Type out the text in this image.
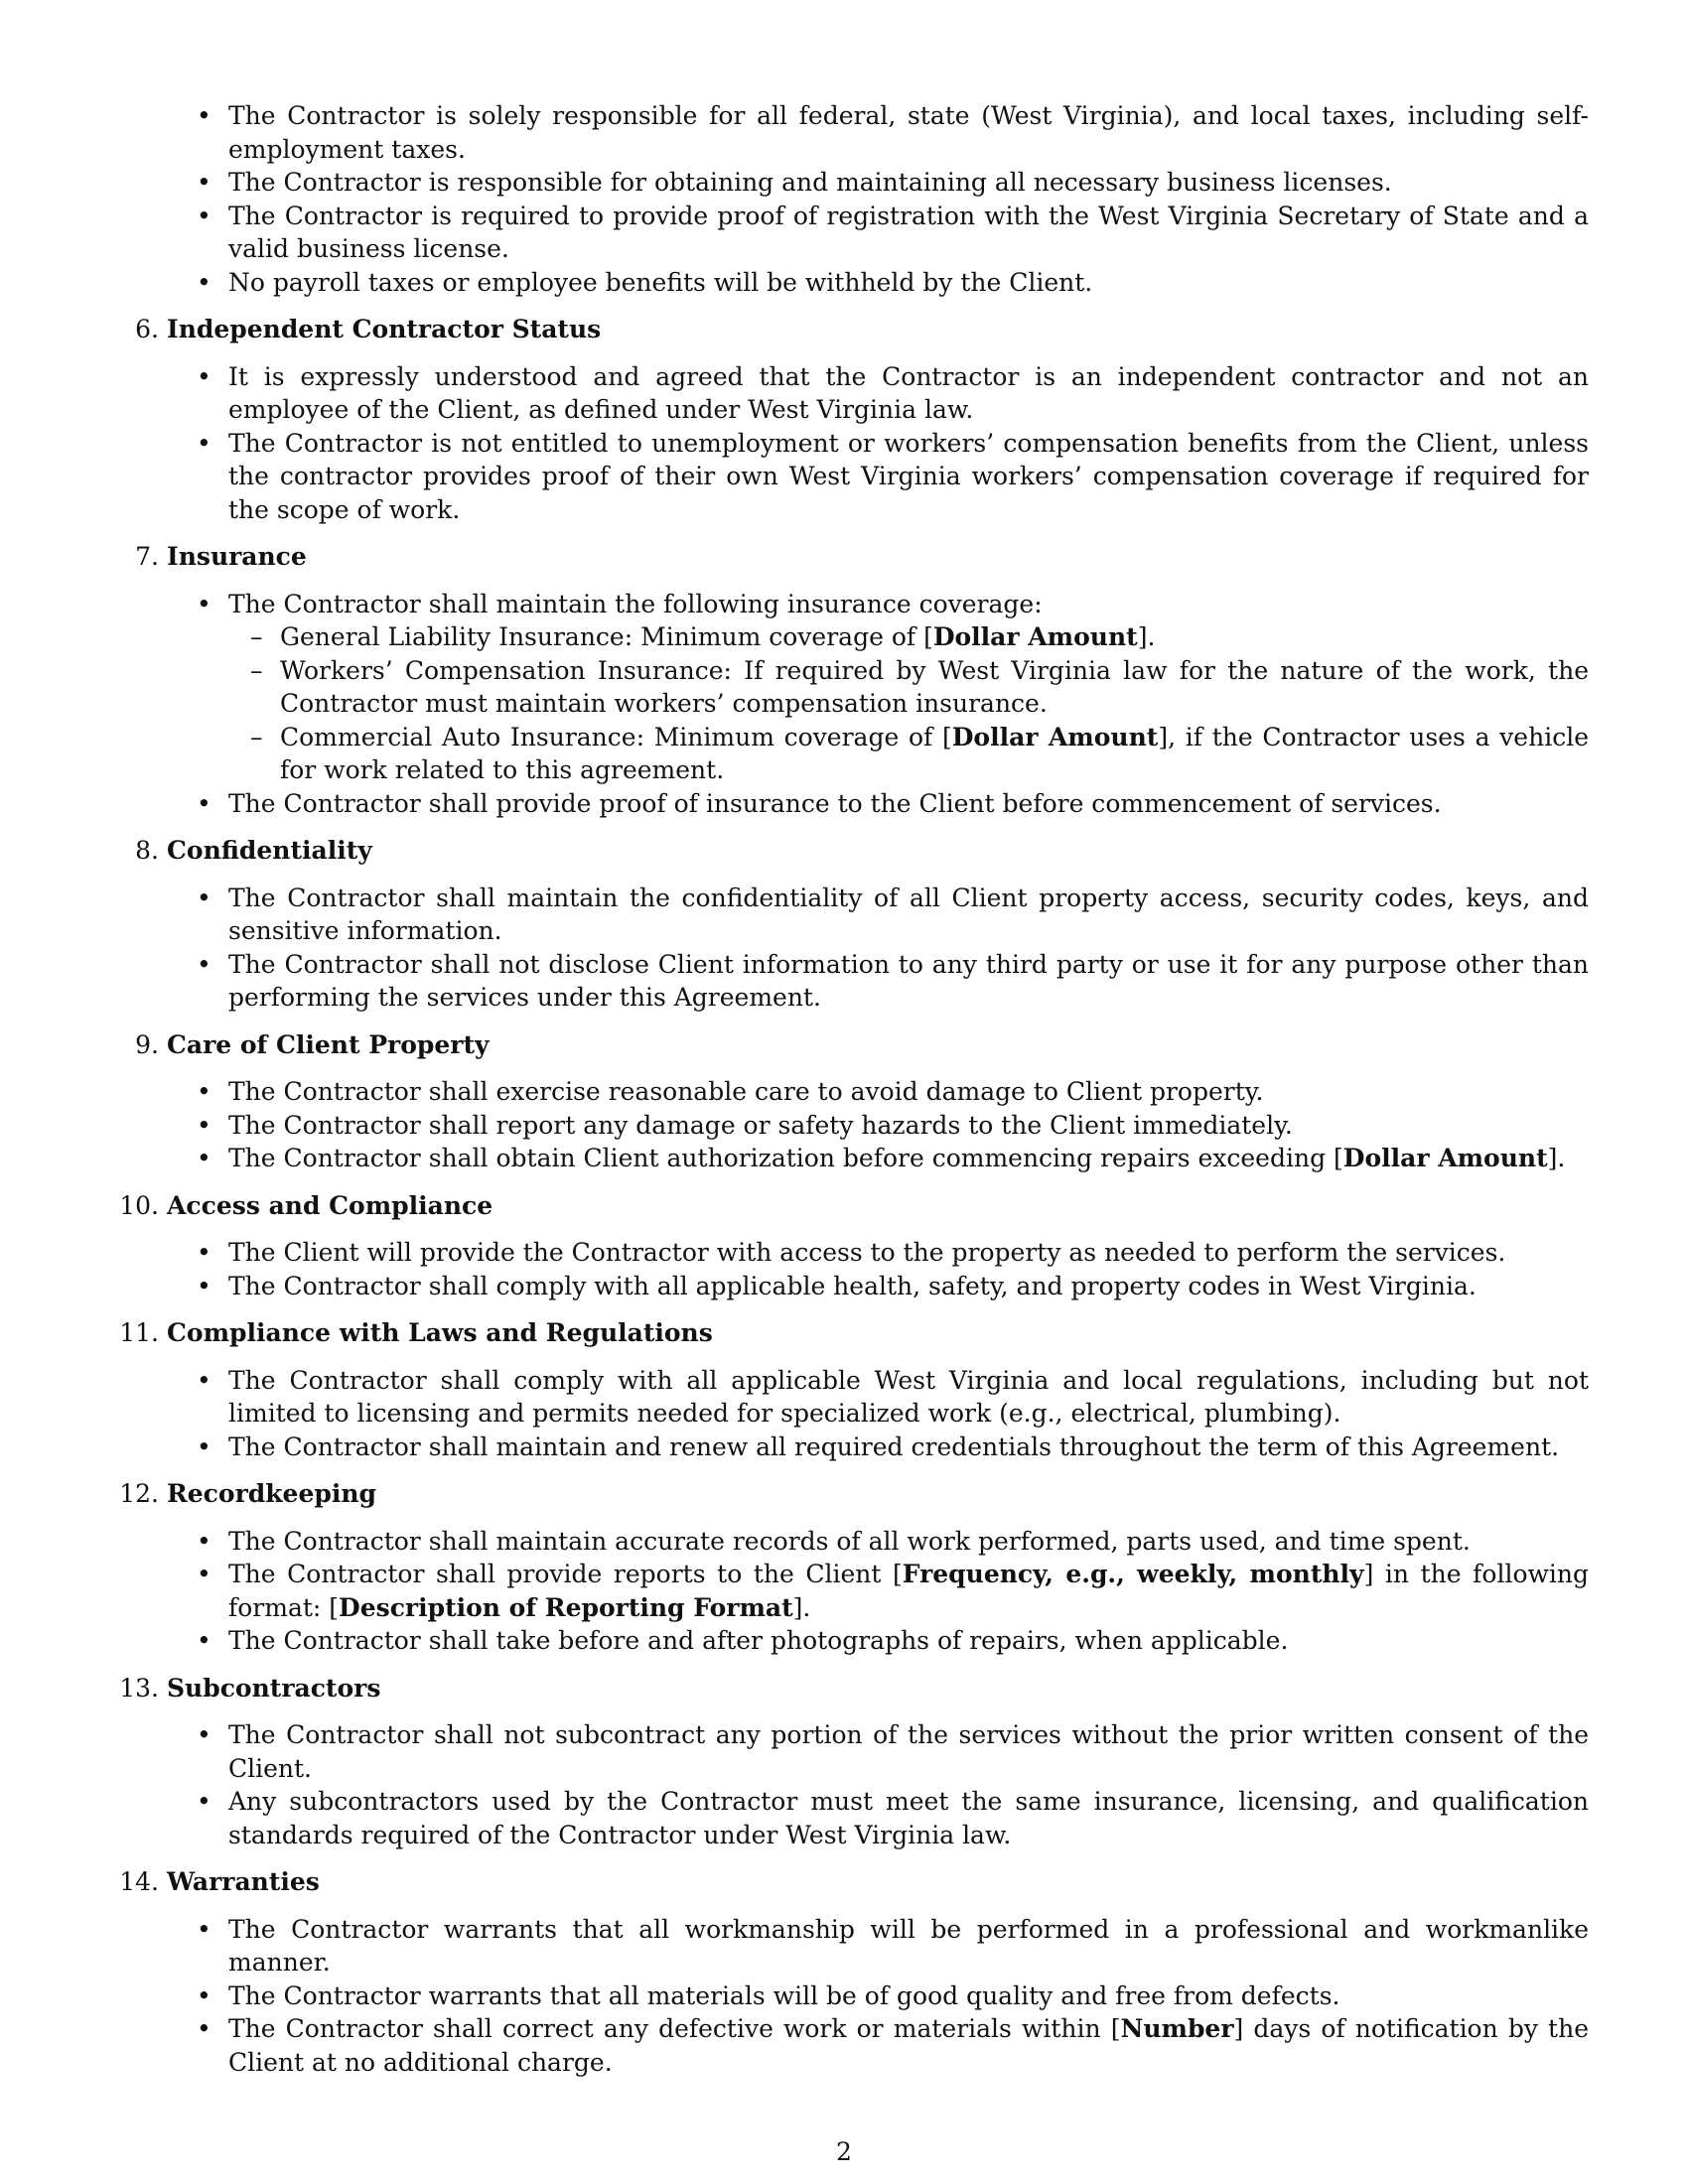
• The Contractor is solely responsible for all federal, state (West Virginia), and local taxes, including self-employment taxes.
• The Contractor is responsible for obtaining and maintaining all necessary business licenses.
• The Contractor is required to provide proof of registration with the West Virginia Secretary of State and a valid business license.
• No payroll taxes or employee benefits will be withheld by the Client.
6. Independent Contractor Status
• It is expressly understood and agreed that the Contractor is an independent contractor and not an employee of the Client, as defined under West Virginia law.
• The Contractor is not entitled to unemployment or workers’ compensation benefits from the Client, unless the contractor provides proof of their own West Virginia workers’ compensation coverage if required for the scope of work.
7. Insurance
• The Contractor shall maintain the following insurance coverage:
– General Liability Insurance: Minimum coverage of [Dollar Amount].
– Workers’ Compensation Insurance: If required by West Virginia law for the nature of the work, the Contractor must maintain workers’ compensation insurance.
– Commercial Auto Insurance: Minimum coverage of [Dollar Amount], if the Contractor uses a vehicle for work related to this agreement.
• The Contractor shall provide proof of insurance to the Client before commencement of services.
8. Confidentiality
• The Contractor shall maintain the confidentiality of all Client property access, security codes, keys, and sensitive information.
• The Contractor shall not disclose Client information to any third party or use it for any purpose other than performing the services under this Agreement.
9. Care of Client Property
• The Contractor shall exercise reasonable care to avoid damage to Client property.
• The Contractor shall report any damage or safety hazards to the Client immediately.
• The Contractor shall obtain Client authorization before commencing repairs exceeding [Dollar Amount].
10. Access and Compliance
• The Client will provide the Contractor with access to the property as needed to perform the services.
• The Contractor shall comply with all applicable health, safety, and property codes in West Virginia.
11. Compliance with Laws and Regulations
• The Contractor shall comply with all applicable West Virginia and local regulations, including but not limited to licensing and permits needed for specialized work (e.g., electrical, plumbing).
• The Contractor shall maintain and renew all required credentials throughout the term of this Agreement.
12. Recordkeeping
• The Contractor shall maintain accurate records of all work performed, parts used, and time spent.
• The Contractor shall provide reports to the Client [Frequency, e.g., weekly, monthly] in the following format: [Description of Reporting Format].
• The Contractor shall take before and after photographs of repairs, when applicable.
13. Subcontractors
• The Contractor shall not subcontract any portion of the services without the prior written consent of the Client.
• Any subcontractors used by the Contractor must meet the same insurance, licensing, and qualification standards required of the Contractor under West Virginia law.
14. Warranties
• The Contractor warrants that all workmanship will be performed in a professional and workmanlike manner.
• The Contractor warrants that all materials will be of good quality and free from defects.
• The Contractor shall correct any defective work or materials within [Number] days of notification by the Client at no additional charge.
2
